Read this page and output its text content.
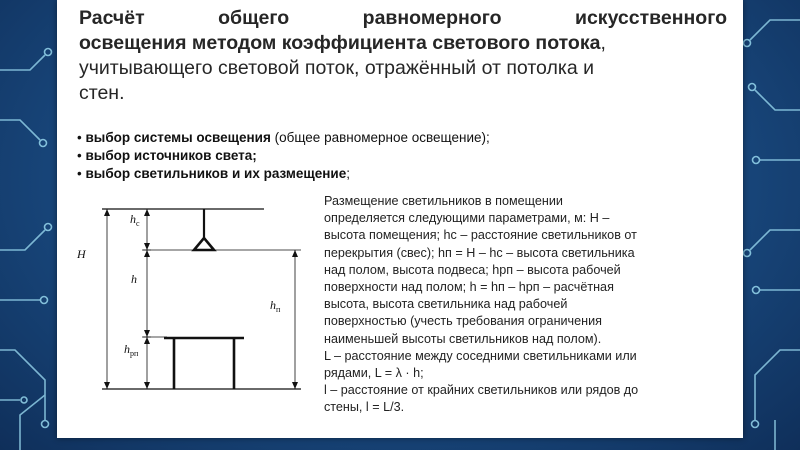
Расчёт общего равномерного искусственного
освещения методом коэффициента светового потока,
учитывающего световой поток, отражённый от потолка и
стен.
• выбор системы освещения (общее равномерное освещение);
• выбор источников света;
• выбор светильников и их размещение;
H
$h_c$
h
$h_п$
$h_{рп}$

Размещение светильников в помещении

определяется следующими параметрами, м: H –

высота помещения; hс – расстояние светильников от

перекрытия (свес); hп = H – hс – высота светильника

над полом, высота подвеса; hрп – высота рабочей

поверхности над полом; h = hп – hрп – расчётная

высота, высота светильника над рабочей

поверхностью (учесть требования ограничения

наименьшей высоты светильников над полом).

L – расстояние между соседними светильниками или

рядами, L = λ · h;

l – расстояние от крайних светильников или рядов до

стены, l = L/3.
